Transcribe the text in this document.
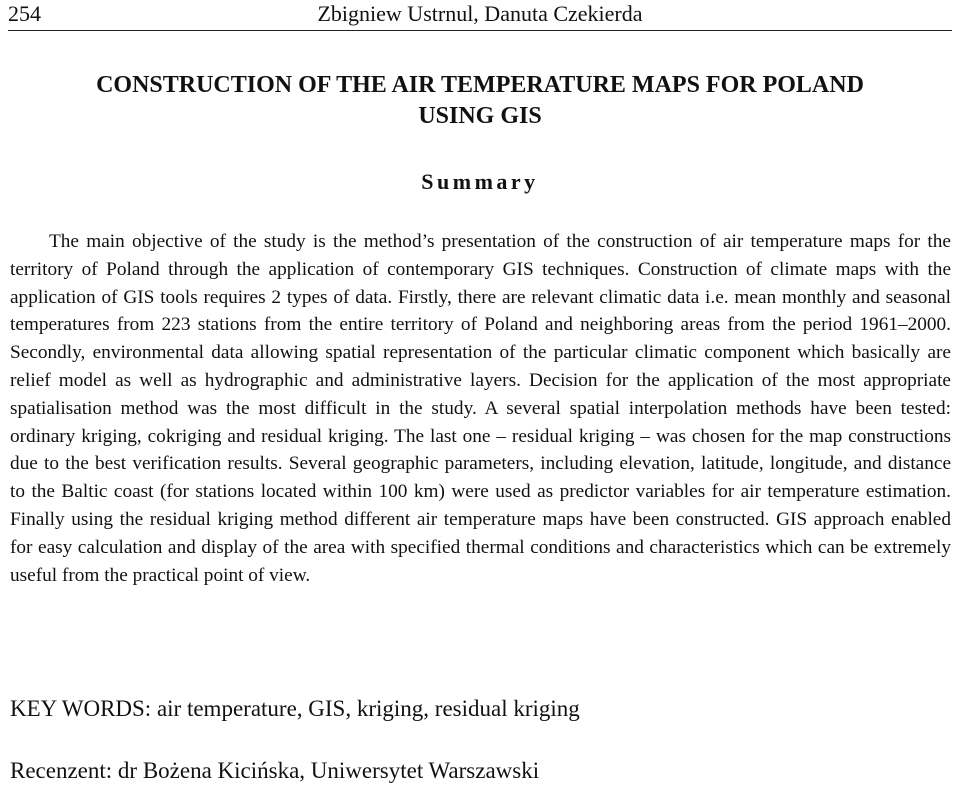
254	Zbigniew Ustrnul, Danuta Czekierda
CONSTRUCTION OF THE AIR TEMPERATURE MAPS FOR POLAND
USING GIS
Summary

The main objective of the study is the method’s presentation of the construction of air temperature maps for the territory of Poland through the application of contemporary GIS techniques. Construction of climate maps with the application of GIS tools requires 2 types of data. Firstly, there are relevant climatic data i.e. mean monthly and seasonal temperatures from 223 stations from the entire territory of Poland and neighboring areas from the period 1961–2000. Secondly, environmental data allowing spatial representation of the particular climatic component which basically are relief model as well as hydrographic and administrative layers. Decision for the application of the most appropriate spatialisation method was the most difficult in the study. A several spatial interpolation methods have been tested: ordinary kriging, cokriging and residual kriging. The last one – residual kriging – was chosen for the map constructions due to the best verification results. Several geographic parameters, including elevation, latitude, longitude, and distance to the Baltic coast (for stations located within 100 km) were used as predictor variables for air temperature estimation. Finally using the residual kriging method different air temperature maps have been constructed. GIS approach enabled for easy calculation and display of the area with specified thermal conditions and characteristics which can be extremely useful from the practical point of view.

KEY WORDS: air temperature, GIS, kriging, residual kriging
Recenzent: dr Bożena Kicińska, Uniwersytet Warszawski
